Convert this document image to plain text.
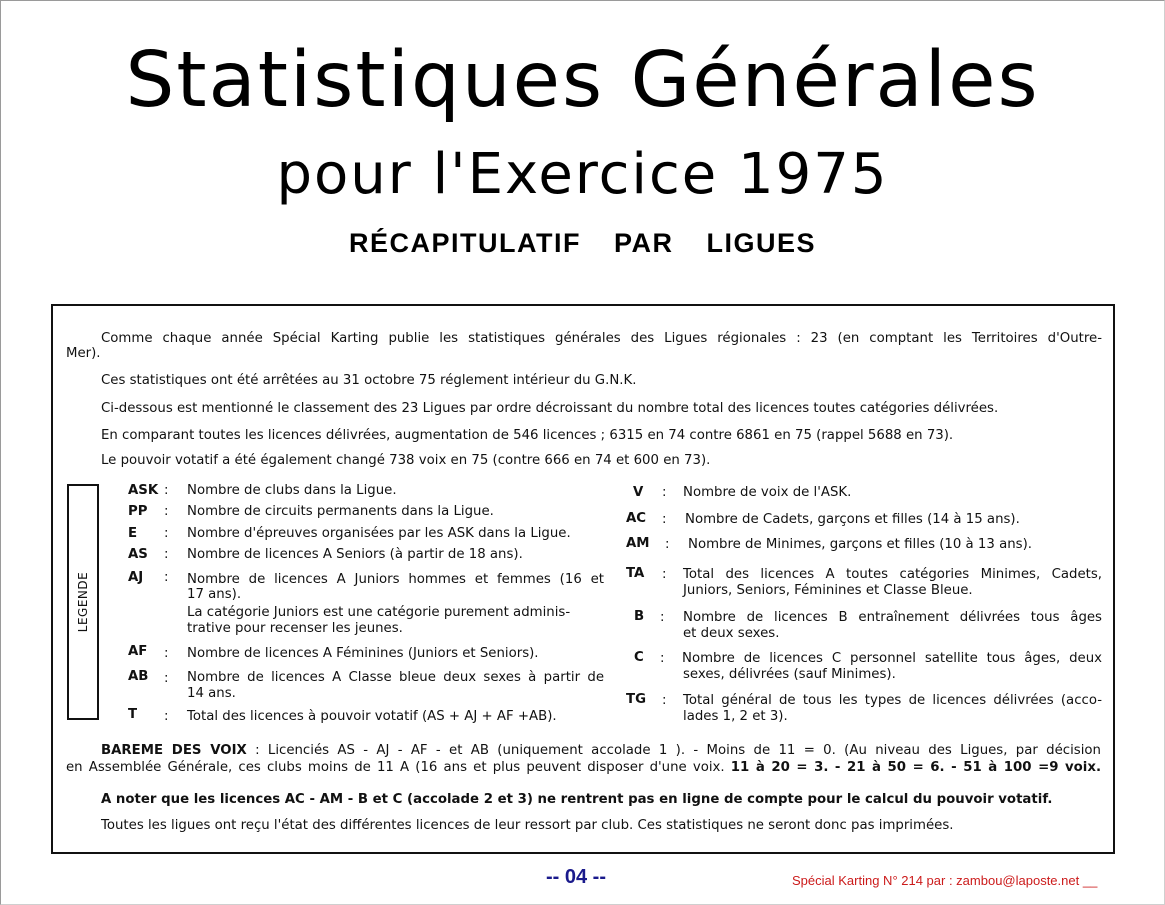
Statistiques Générales
pour l'Exercice 1975
RÉCAPITULATIF PAR LIGUES
Comme chaque année Spécial Karting publie les statistiques générales des Ligues régionales : 23 (en comptant les Territoires d'Outre-
Mer).
Ces statistiques ont été arrêtées au 31 octobre 75 réglement intérieur du G.N.K.
Ci-dessous est mentionné le classement des 23 Ligues par ordre décroissant du nombre total des licences toutes catégories délivrées.
En comparant toutes les licences délivrées, augmentation de 546 licences ; 6315 en 74 contre 6861 en 75 (rappel 5688 en 73).
Le pouvoir votatif a été également changé 738 voix en 75 (contre 666 en 74 et 600 en 73).
LEGENDE
ASK : Nombre de clubs dans la Ligue.
PP : Nombre de circuits permanents dans la Ligue.
E : Nombre d'épreuves organisées par les ASK dans la Ligue.
AS : Nombre de licences A Seniors (à partir de 18 ans).
AJ : Nombre de licences A Juniors hommes et femmes (16 et
17 ans).
La catégorie Juniors est une catégorie purement adminis-
trative pour recenser les jeunes.
AF : Nombre de licences A Féminines (Juniors et Seniors).
AB : Nombre de licences A Classe bleue deux sexes à partir de
14 ans.
T : Total des licences à pouvoir votatif (AS + AJ + AF +AB).
V : Nombre de voix de l'ASK.
AC : Nombre de Cadets, garçons et filles (14 à 15 ans).
AM : Nombre de Minimes, garçons et filles (10 à 13 ans).
TA : Total des licences A toutes catégories Minimes, Cadets,
Juniors, Seniors, Féminines et Classe Bleue.
B : Nombre de licences B entraînement délivrées tous âges
et deux sexes.
C : Nombre de licences C personnel satellite tous âges, deux
sexes, délivrées (sauf Minimes).
TG : Total général de tous les types de licences délivrées (acco-
lades 1, 2 et 3).
BAREME DES VOIX : Licenciés AS - AJ - AF - et AB (uniquement accolade 1 ). - Moins de 11 = 0. (Au niveau des Ligues, par décision
en Assemblée Générale, ces clubs moins de 11 A (16 ans et plus peuvent disposer d'une voix. 11 à 20 = 3. - 21 à 50 = 6. - 51 à 100 =9 voix.
A noter que les licences AC - AM - B et C (accolade 2 et 3) ne rentrent pas en ligne de compte pour le calcul du pouvoir votatif.
Toutes les ligues ont reçu l'état des différentes licences de leur ressort par club. Ces statistiques ne seront donc pas imprimées.
-- 04 --	Spécial Karting N° 214 par : zambou@laposte.net __
